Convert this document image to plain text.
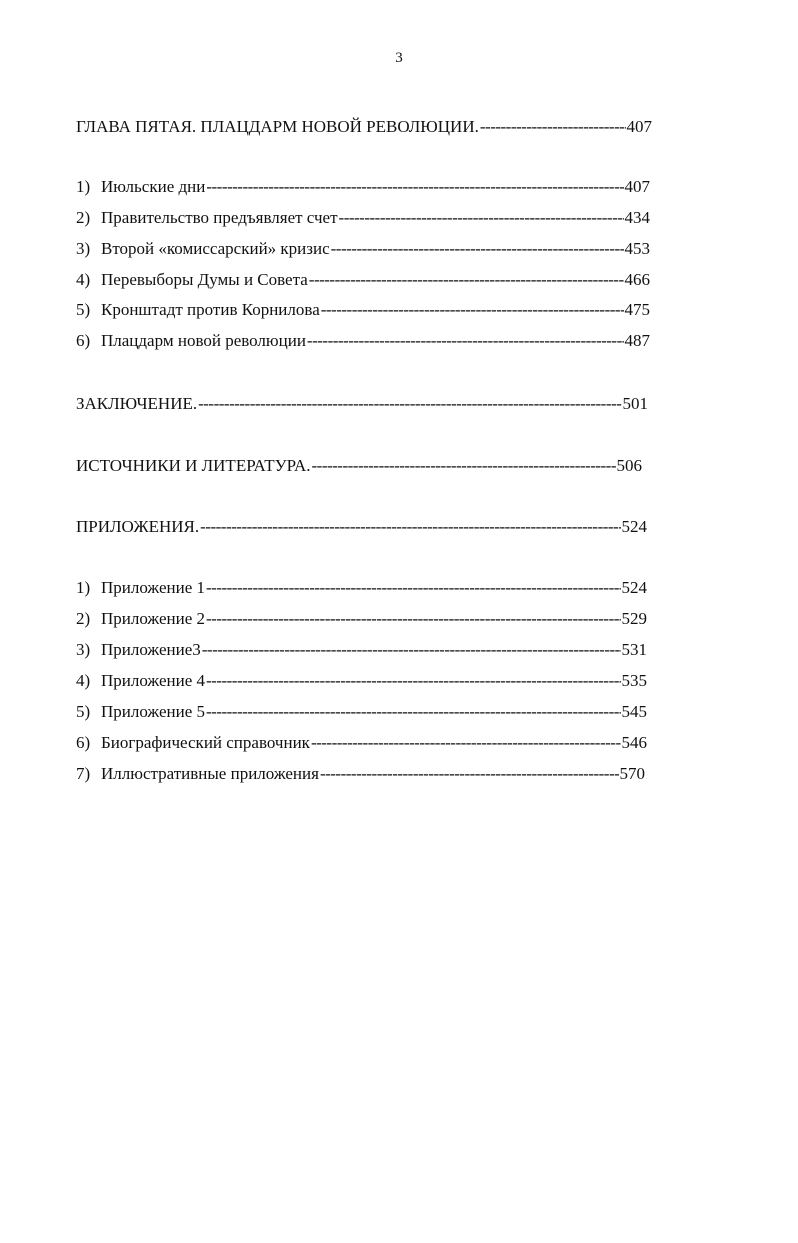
3
ГЛАВА ПЯТАЯ. ПЛАЦДАРМ НОВОЙ РЕВОЛЮЦИИ. -----	407
1) Июльские дни -----	407
2) Правительство предъявляет счет -----	434
3) Второй «комиссарский» кризис -----	453
4) Перевыборы Думы и Совета -----	466
5) Кронштадт против Корнилова -----	475
6) Плацдарм новой революции -----	487
ЗАКЛЮЧЕНИЕ. -----	501
ИСТОЧНИКИ И ЛИТЕРАТУРА. -----	506
ПРИЛОЖЕНИЯ. -----	524
1) Приложение 1 -----	524
2) Приложение 2 -----	529
3) Приложение3 -----	531
4) Приложение 4 -----	535
5) Приложение 5 -----	545
6) Биографический справочник -----	546
7) Иллюстративные приложения -----	570
